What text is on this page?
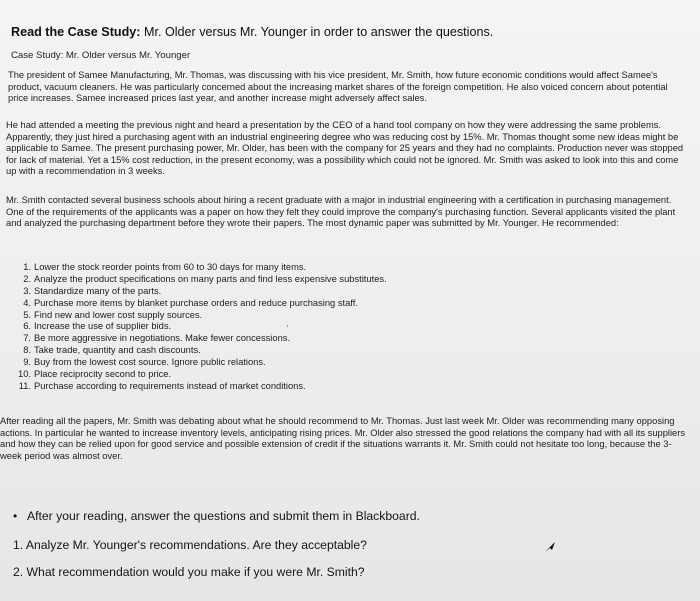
Read the Case Study: Mr. Older versus Mr. Younger in order to answer the questions.
Case Study: Mr. Older versus Mr. Younger

The president of Samee Manufacturing, Mr. Thomas, was discussing with his vice president, Mr. Smith, how future economic conditions would affect Samee's product, vacuum cleaners. He was particularly concerned about the increasing market shares of the foreign competition. He also voiced concern about potential price increases. Samee increased prices last year, and another increase might adversely affect sales.

He had attended a meeting the previous night and heard a presentation by the CEO of a hand tool company on how they were addressing the same problems. Apparently, they just hired a purchasing agent with an industrial engineering degree who was reducing cost by 15%. Mr. Thomas thought some new ideas might be applicable to Samee. The present purchasing power, Mr. Older, has been with the company for 25 years and they had no complaints. Production never was stopped for lack of material. Yet a 15% cost reduction, in the present economy, was a possibility which could not be ignored. Mr. Smith was asked to look into this and come up with a recommendation in 3 weeks.

Mr. Smith contacted several business schools about hiring a recent graduate with a major in industrial engineering with a certification in purchasing management. One of the requirements of the applicants was a paper on how they felt they could improve the company's purchasing function. Several applicants visited the plant and analyzed the purchasing department before they wrote their papers. The most dynamic paper was submitted by Mr. Younger. He recommended:

1. Lower the stock reorder points from 60 to 30 days for many items.
2. Analyze the product specifications on many parts and find less expensive substitutes.
3. Standardize many of the parts.
4. Purchase more items by blanket purchase orders and reduce purchasing staff.
5. Find new and lower cost supply sources.
6. Increase the use of supplier bids.
7. Be more aggressive in negotiations. Make fewer concessions.
8. Take trade, quantity and cash discounts.
9. Buy from the lowest cost source. Ignore public relations.
10. Place reciprocity second to price.
11. Purchase according to requirements instead of market conditions.
,

After reading all the papers, Mr. Smith was debating about what he should recommend to Mr. Thomas. Just last week Mr. Older was recommending many opposing actions. In particular he wanted to increase inventory levels, anticipating rising prices. Mr. Older also stressed the good relations the company had with all its suppliers and how they can be relied upon for good service and possible extension of credit if the situations warrants it. Mr. Smith could not hesitate too long, because the 3-week period was almost over.

• After your reading, answer the questions and submit them in Blackboard.
1. Analyze Mr. Younger's recommendations. Are they acceptable?
2. What recommendation would you make if you were Mr. Smith?
